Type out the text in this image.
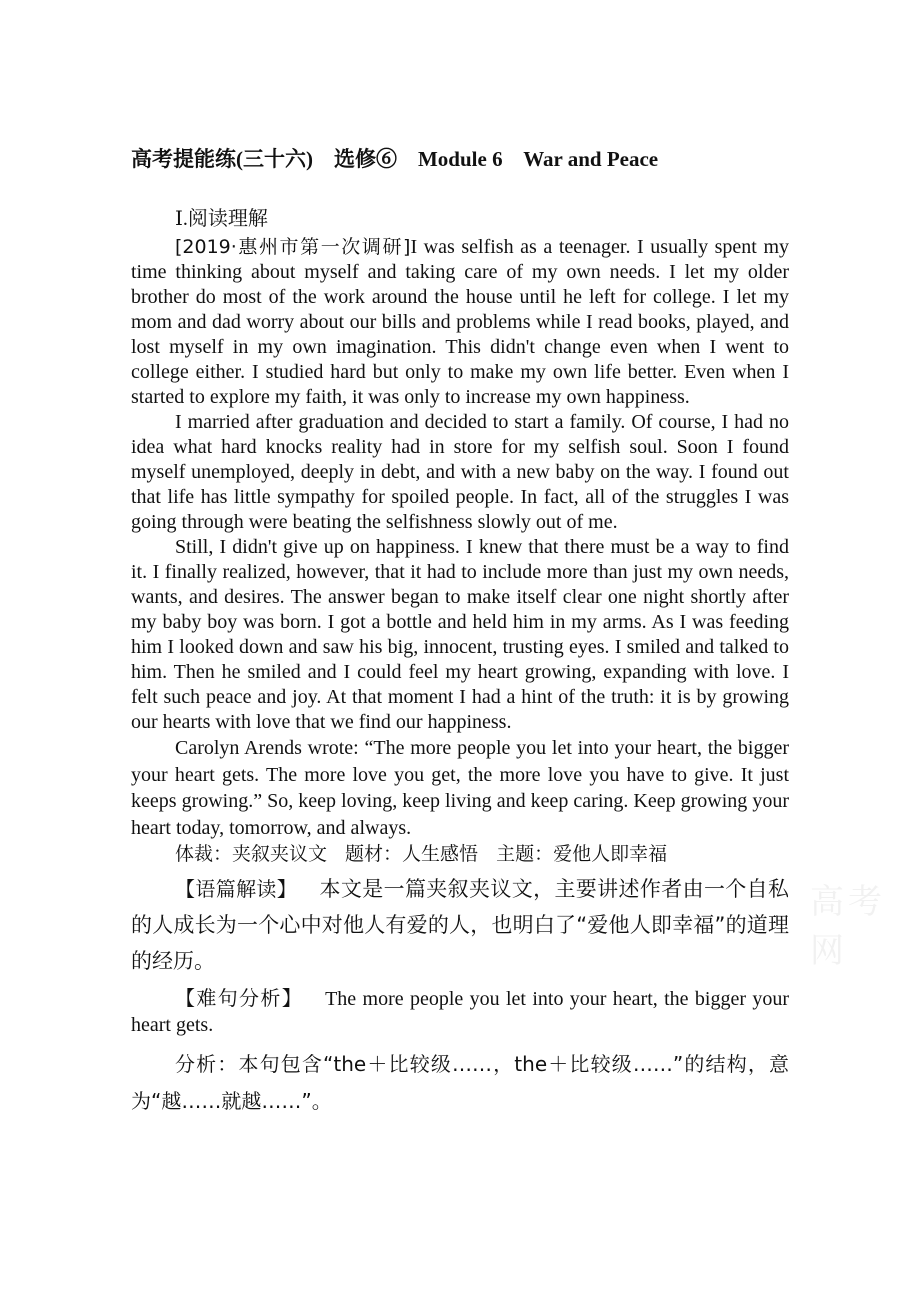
高考提能练(三十六)    选修⑥    Module 6    War and Peace
Ⅰ.阅读理解

[2019·惠州市第一次调研]I was selfish as a teenager. I usually spent my time thinking about myself and taking care of my own needs. I let my older brother do most of the work around the house until he left for college. I let my mom and dad worry about our bills and problems while I read books, played, and lost myself in my own imagination. This didn't change even when I went to college either. I studied hard but only to make my own life better. Even when I started to explore my faith, it was only to increase my own happiness.

I married after graduation and decided to start a family. Of course, I had no idea what hard knocks reality had in store for my selfish soul. Soon I found myself unemployed, deeply in debt, and with a new baby on the way. I found out that life has little sympathy for spoiled people. In fact, all of the struggles I was going through were beating the selfishness slowly out of me.

Still, I didn't give up on happiness. I knew that there must be a way to find it. I finally realized, however, that it had to include more than just my own needs, wants, and desires. The answer began to make itself clear one night shortly after my baby boy was born. I got a bottle and held him in my arms. As I was feeding him I looked down and saw his big, innocent, trusting eyes. I smiled and talked to him. Then he smiled and I could feel my heart growing, expanding with love. I felt such peace and joy. At that moment I had a hint of the truth: it is by growing our hearts with love that we find our happiness.

Carolyn Arends wrote: “The more people you let into your heart, the bigger your heart gets. The more love you get, the more love you have to give. It just keeps growing.” So, keep loving, keep living and keep caring. Keep growing your heart today, tomorrow, and always.

体裁：夹叙夹议文 题材：人生感悟 主题：爱他人即幸福

【语篇解读】 本文是一篇夹叙夹议文，主要讲述作者由一个自私的人成长为一个心中对他人有爱的人，也明白了“爱他人即幸福”的道理的经历。

【难句分析】 The more people you let into your heart, the bigger your heart gets.

分析：本句包含“the＋比较级……，the＋比较级……”的结构，意为“越……就越……”。

高考网
